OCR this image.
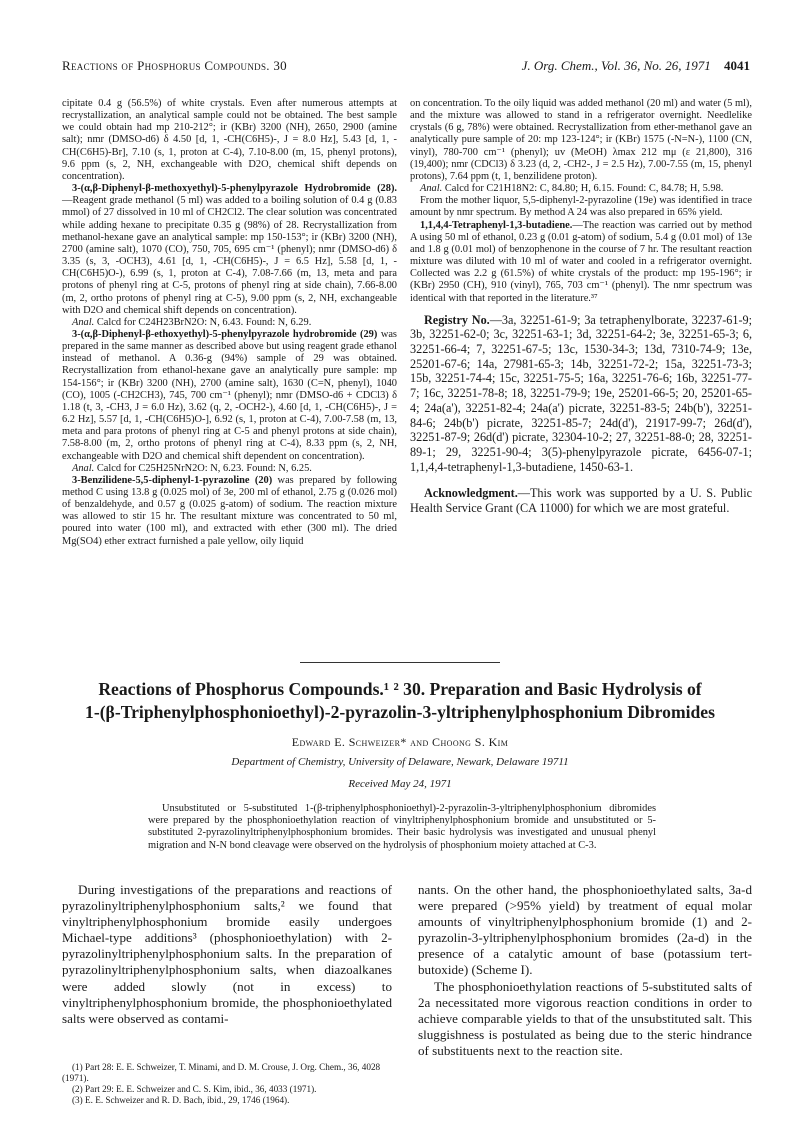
Reactions of Phosphorus Compounds. 30	J. Org. Chem., Vol. 36, No. 26, 1971 4041

cipitate 0.4 g (56.5%) of white crystals. Even after numerous attempts at recrystallization, an analytical sample could not be obtained. The best sample we could obtain had mp 210-212°; ir (KBr) 3200 (NH), 2650, 2900 (amine salt); nmr (DMSO-d6) δ 4.50 [d, 1, -CH(C6H5)-, J = 8.0 Hz], 5.43 [d, 1, -CH(C6H5)-Br], 7.10 (s, 1, proton at C-4), 7.10-8.00 (m, 15, phenyl protons), 9.6 ppm (s, 2, NH, exchangeable with D2O, chemical shift depends on concentration).

3-(α,β-Diphenyl-β-methoxyethyl)-5-phenylpyrazole Hydrobromide (28).—Reagent grade methanol (5 ml) was added to a boiling solution of 0.4 g (0.83 mmol) of 27 dissolved in 10 ml of CH2Cl2. The clear solution was concentrated while adding hexane to precipitate 0.35 g (98%) of 28. Recrystallization from methanol-hexane gave an analytical sample: mp 150-153°; ir (KBr) 3200 (NH), 2700 (amine salt), 1070 (CO), 750, 705, 695 cm⁻¹ (phenyl); nmr (DMSO-d6) δ 3.35 (s, 3, -OCH3), 4.61 [d, 1, -CH(C6H5)-, J = 6.5 Hz], 5.58 [d, 1, -CH(C6H5)O-), 6.99 (s, 1, proton at C-4), 7.08-7.66 (m, 13, meta and para protons of phenyl ring at C-5, protons of phenyl ring at side chain), 7.66-8.00 (m, 2, ortho protons of phenyl ring at C-5), 9.00 ppm (s, 2, NH, exchangeable with D2O and chemical shift depends on concentration).

Anal. Calcd for C24H23BrN2O: N, 6.43. Found: N, 6.29.

3-(α,β-Diphenyl-β-ethoxyethyl)-5-phenylpyrazole hydrobromide (29) was prepared in the same manner as described above but using reagent grade ethanol instead of methanol. A 0.36-g (94%) sample of 29 was obtained. Recrystallization from ethanol-hexane gave an analytically pure sample: mp 154-156°; ir (KBr) 3200 (NH), 2700 (amine salt), 1630 (C=N, phenyl), 1040 (CO), 1005 (-CH2CH3), 745, 700 cm⁻¹ (phenyl); nmr (DMSO-d6 + CDCl3) δ 1.18 (t, 3, -CH3, J = 6.0 Hz), 3.62 (q, 2, -OCH2-), 4.60 [d, 1, -CH(C6H5)-, J = 6.2 Hz], 5.57 [d, 1, -CH(C6H5)O-], 6.92 (s, 1, proton at C-4), 7.00-7.58 (m, 13, meta and para protons of phenyl ring at C-5 and phenyl protons at side chain), 7.58-8.00 (m, 2, ortho protons of phenyl ring at C-4), 8.33 ppm (s, 2, NH, exchangeable with D2O and chemical shift dependent on concentration).

Anal. Calcd for C25H25NrN2O: N, 6.23. Found: N, 6.25.

3-Benzilidene-5,5-diphenyl-1-pyrazoline (20) was prepared by following method C using 13.8 g (0.025 mol) of 3e, 200 ml of ethanol, 2.75 g (0.026 mol) of benzaldehyde, and 0.57 g (0.025 g-atom) of sodium. The reaction mixture was allowed to stir 15 hr. The resultant mixture was concentrated to 50 ml, poured into water (100 ml), and extracted with ether (300 ml). The dried Mg(SO4) ether extract furnished a pale yellow, oily liquid

on concentration. To the oily liquid was added methanol (20 ml) and water (5 ml), and the mixture was allowed to stand in a refrigerator overnight. Needlelike crystals (6 g, 78%) were obtained. Recrystallization from ether-methanol gave an analytically pure sample of 20: mp 123-124°; ir (KBr) 1575 (-N=N-), 1100 (CN, vinyl), 780-700 cm⁻¹ (phenyl); uv (MeOH) λmax 212 mμ (ε 21,800), 316 (19,400); nmr (CDCl3) δ 3.23 (d, 2, -CH2-, J = 2.5 Hz), 7.00-7.55 (m, 15, phenyl protons), 7.64 ppm (t, 1, benzilidene proton).

Anal. Calcd for C21H18N2: C, 84.80; H, 6.15. Found: C, 84.78; H, 5.98.

From the mother liquor, 5,5-diphenyl-2-pyrazoline (19e) was identified in trace amount by nmr spectrum. By method A 24 was also prepared in 65% yield.

1,1,4,4-Tetraphenyl-1,3-butadiene.—The reaction was carried out by method A using 50 ml of ethanol, 0.23 g (0.01 g-atom) of sodium, 5.4 g (0.01 mol) of 13e and 1.8 g (0.01 mol) of benzophenone in the course of 7 hr. The resultant reaction mixture was diluted with 10 ml of water and cooled in a refrigerator overnight. Collected was 2.2 g (61.5%) of white crystals of the product: mp 195-196°; ir (KBr) 2950 (CH), 910 (vinyl), 765, 703 cm⁻¹ (phenyl). The nmr spectrum was identical with that reported in the literature.³⁷

Registry No.—3a, 32251-61-9; 3a tetraphenylborate, 32237-61-9; 3b, 32251-62-0; 3c, 32251-63-1; 3d, 32251-64-2; 3e, 32251-65-3; 6, 32251-66-4; 7, 32251-67-5; 13c, 1530-34-3; 13d, 7310-74-9; 13e, 25201-67-6; 14a, 27981-65-3; 14b, 32251-72-2; 15a, 32251-73-3; 15b, 32251-74-4; 15c, 32251-75-5; 16a, 32251-76-6; 16b, 32251-77-7; 16c, 32251-78-8; 18, 32251-79-9; 19e, 25201-66-5; 20, 25201-65-4; 24a(a'), 32251-82-4; 24a(a') picrate, 32251-83-5; 24b(b'), 32251-84-6; 24b(b') picrate, 32251-85-7; 24d(d'), 21917-99-7; 26d(d'), 32251-87-9; 26d(d') picrate, 32304-10-2; 27, 32251-88-0; 28, 32251-89-1; 29, 32251-90-4; 3(5)-phenylpyrazole picrate, 6456-07-1; 1,1,4,4-tetraphenyl-1,3-butadiene, 1450-63-1.

Acknowledgment.—This work was supported by a U. S. Public Health Service Grant (CA 11000) for which we are most grateful.

Reactions of Phosphorus Compounds.¹ ² 30. Preparation and Basic Hydrolysis of
1-(β-Triphenylphosphonioethyl)-2-pyrazolin-3-yltriphenylphosphonium Dibromides
Edward E. Schweizer* and Choong S. Kim
Department of Chemistry, University of Delaware, Newark, Delaware 19711
Received May 24, 1971
Unsubstituted or 5-substituted 1-(β-triphenylphosphonioethyl)-2-pyrazolin-3-yltriphenylphosphonium dibromides were prepared by the phosphonioethylation reaction of vinyltriphenylphosphonium bromide and unsubstituted or 5-substituted 2-pyrazolinyltriphenylphosphonium bromides. Their basic hydrolysis was investigated and unusual phenyl migration and N-N bond cleavage were observed on the hydrolysis of phosphonium moiety attached at C-3.

During investigations of the preparations and reactions of pyrazolinyltriphenylphosphonium salts,² we found that vinyltriphenylphosphonium bromide easily undergoes Michael-type additions³ (phosphonioethylation) with 2-pyrazolinyltriphenylphosphonium salts. In the preparation of pyrazolinyltriphenylphosphonium salts, when diazoalkanes were added slowly (not in excess) to vinyltriphenylphosphonium bromide, the phosphonioethylated salts were observed as contami-

nants. On the other hand, the phosphonioethylated salts, 3a-d were prepared (>95% yield) by treatment of equal molar amounts of vinyltriphenylphosphonium bromide (1) and 2-pyrazolin-3-yltriphenylphosphonium bromides (2a-d) in the presence of a catalytic amount of base (potassium tert-butoxide) (Scheme I).

The phosphonioethylation reactions of 5-substituted salts of 2a necessitated more vigorous reaction conditions in order to achieve comparable yields to that of the unsubstituted salt. This sluggishness is postulated as being due to the steric hindrance of substituents next to the reaction site.

(1) Part 28: E. E. Schweizer, T. Minami, and D. M. Crouse, J. Org. Chem., 36, 4028 (1971).
(2) Part 29: E. E. Schweizer and C. S. Kim, ibid., 36, 4033 (1971).
(3) E. E. Schweizer and R. D. Bach, ibid., 29, 1746 (1964).
